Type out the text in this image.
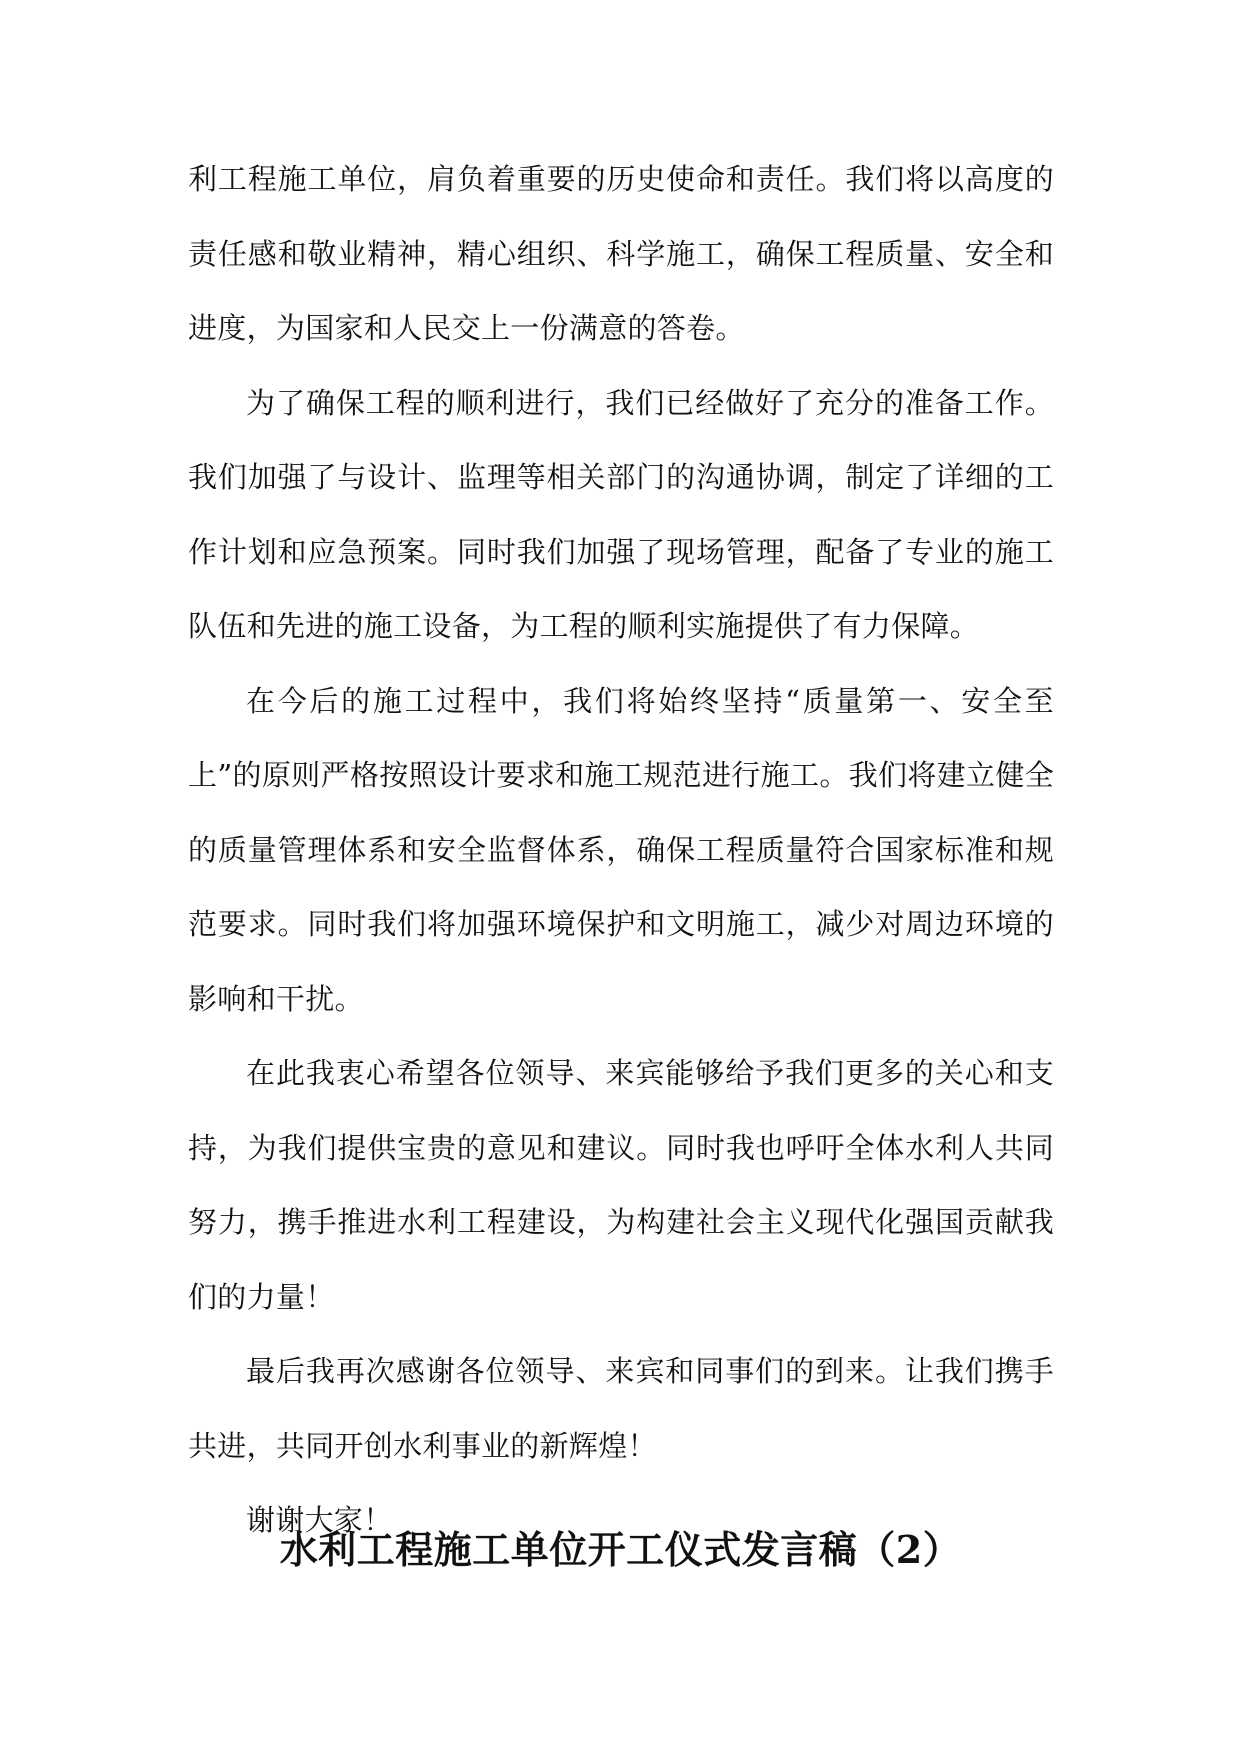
利工程施工单位，肩负着重要的历史使命和责任。我们将以高度的责任感和敬业精神，精心组织、科学施工，确保工程质量、安全和进度，为国家和人民交上一份满意的答卷。

为了确保工程的顺利进行，我们已经做好了充分的准备工作。我们加强了与设计、监理等相关部门的沟通协调，制定了详细的工作计划和应急预案。同时我们加强了现场管理，配备了专业的施工队伍和先进的施工设备，为工程的顺利实施提供了有力保障。

在今后的施工过程中，我们将始终坚持“质量第一、安全至上”的原则严格按照设计要求和施工规范进行施工。我们将建立健全的质量管理体系和安全监督体系，确保工程质量符合国家标准和规范要求。同时我们将加强环境保护和文明施工，减少对周边环境的影响和干扰。

在此我衷心希望各位领导、来宾能够给予我们更多的关心和支持，为我们提供宝贵的意见和建议。同时我也呼吁全体水利人共同努力，携手推进水利工程建设，为构建社会主义现代化强国贡献我们的力量！

最后我再次感谢各位领导、来宾和同事们的到来。让我们携手共进，共同开创水利事业的新辉煌！

谢谢大家！

水利工程施工单位开工仪式发言稿（2）
